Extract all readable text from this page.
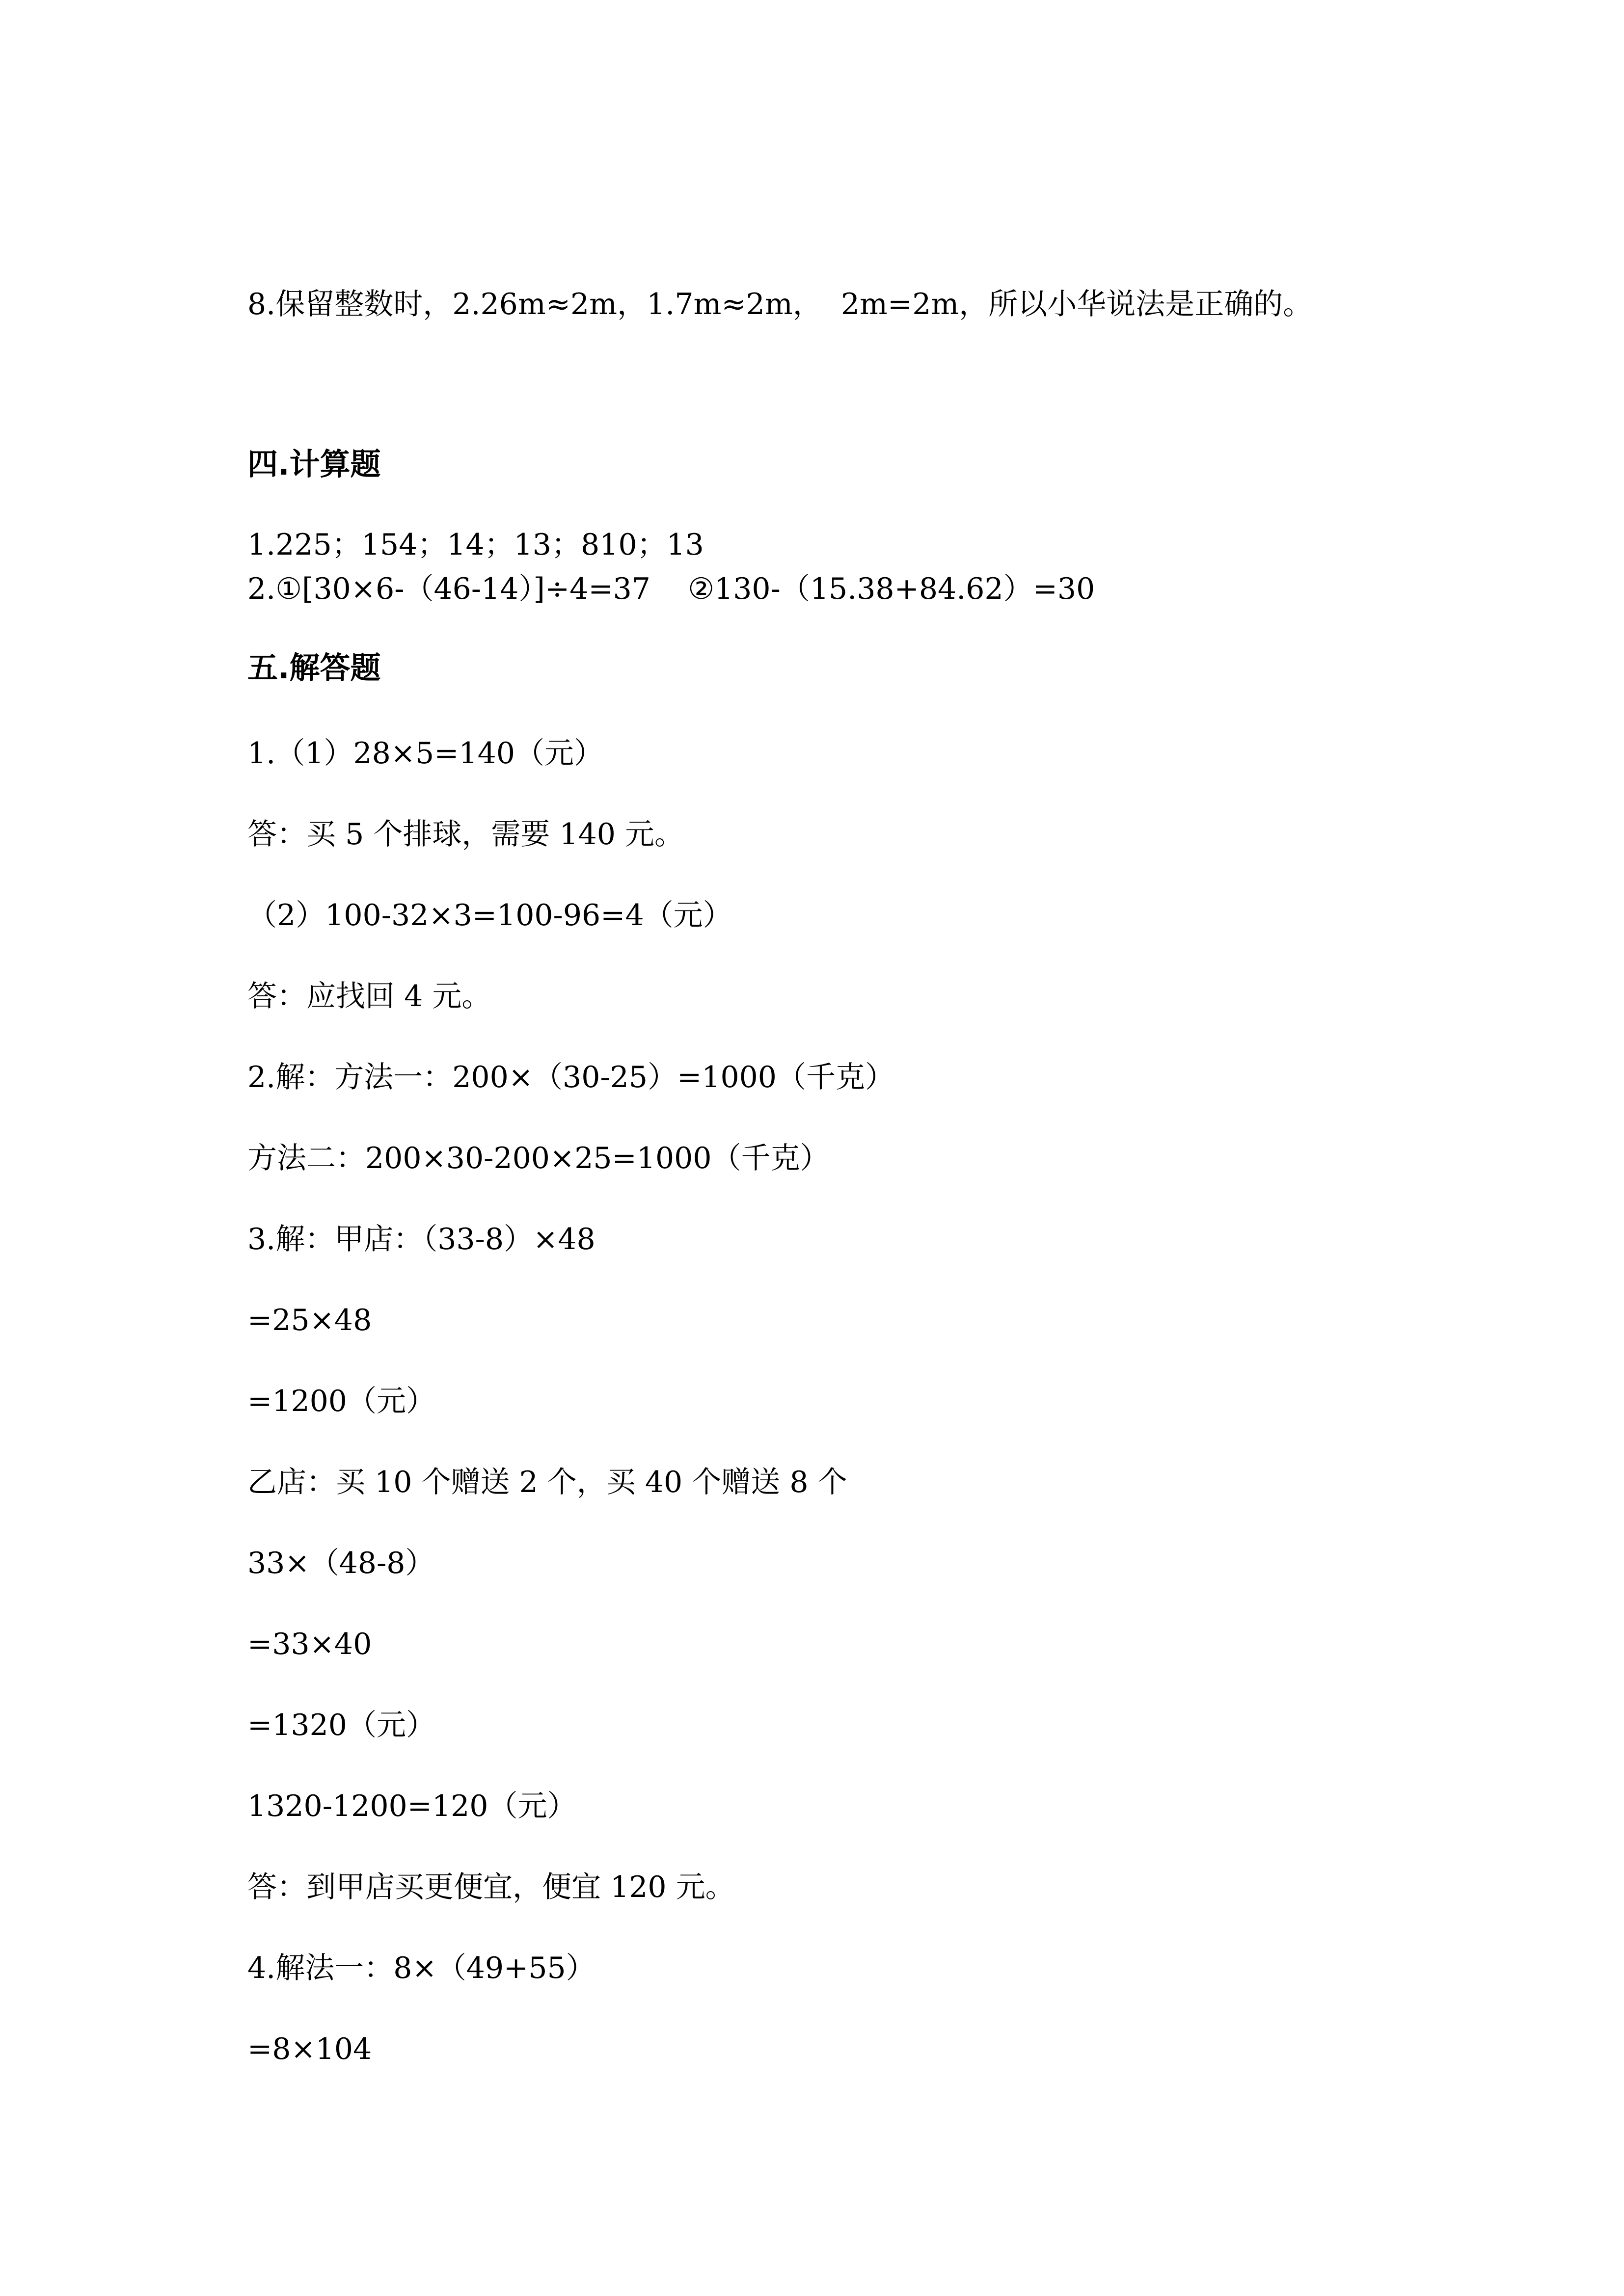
8.保留整数时，2.26m≈2m，1.7m≈2m，  2m=2m，所以小华说法是正确的。
四.计算题
1.225；154；14；13；810；13
2.①[30×6-（46-14）]÷4=37    ②130-（15.38+84.62）=30
五.解答题
1.（1）28×5=140（元）
答：买 5 个排球，需要 140 元。
（2）100-32×3=100-96=4（元）
答：应找回 4 元。
2.解：方法一：200×（30-25）=1000（千克）
方法二：200×30-200×25=1000（千克）
3.解：甲店：（33-8）×48
=25×48
=1200（元）
乙店：买 10 个赠送 2 个，买 40 个赠送 8 个
33×（48-8）
=33×40
=1320（元）
1320-1200=120（元）
答：到甲店买更便宜，便宜 120 元。
4.解法一：8×（49+55）
=8×104
